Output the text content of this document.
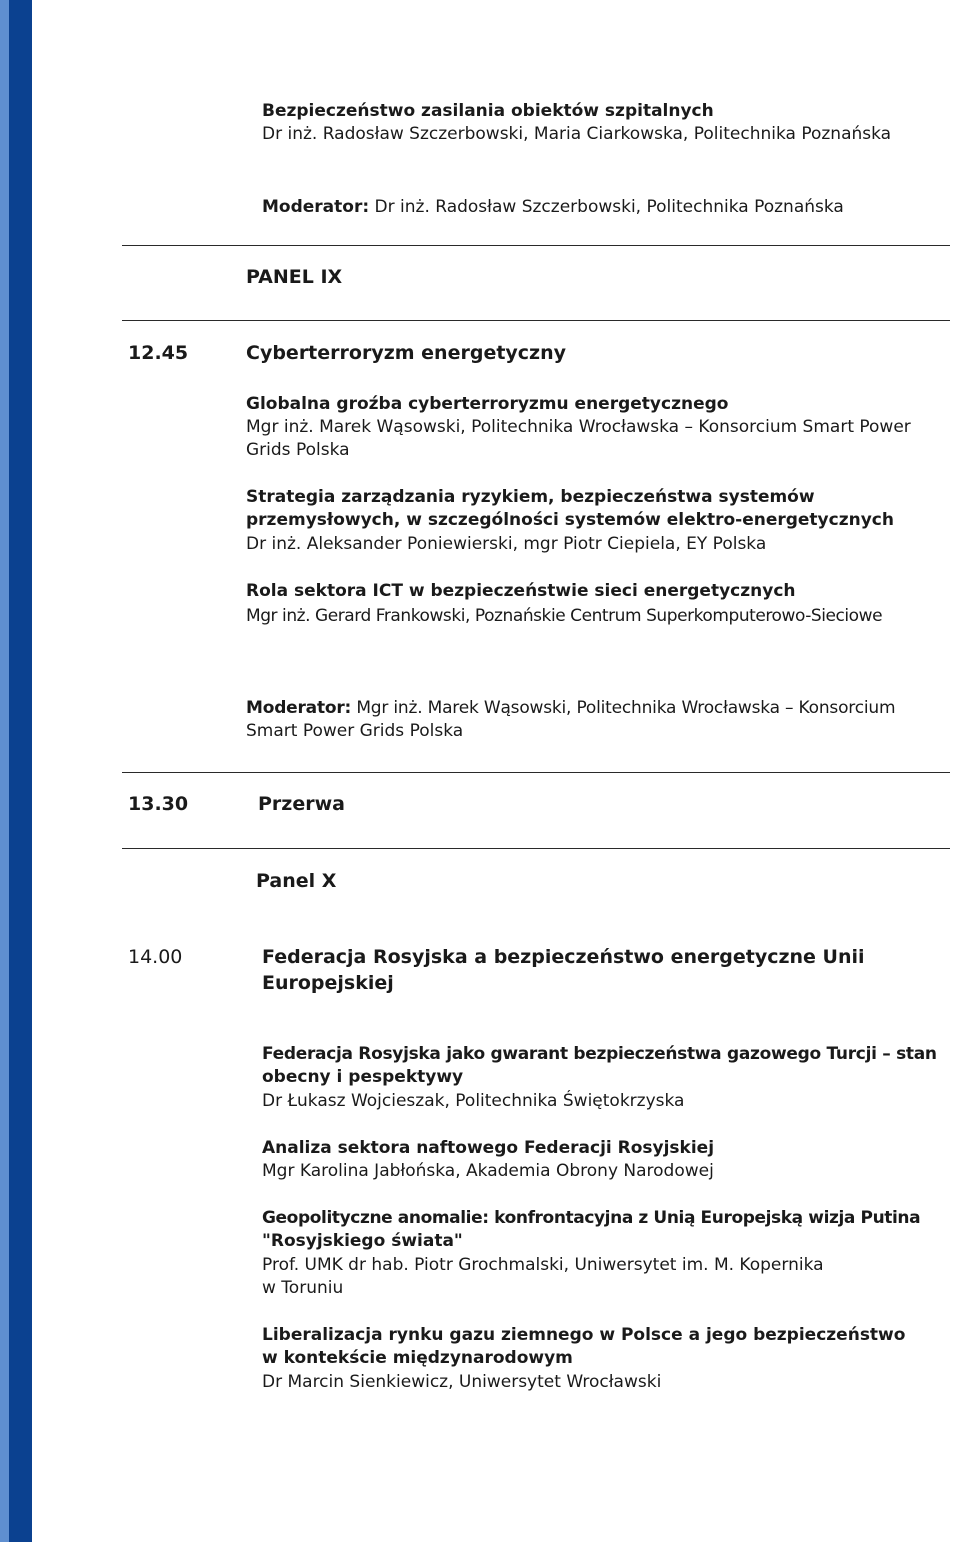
Bezpieczeństwo zasilania obiektów szpitalnych
Dr inż. Radosław Szczerbowski, Maria Ciarkowska, Politechnika Poznańska
Moderator: Dr inż. Radosław Szczerbowski, Politechnika Poznańska
PANEL IX
12.45	Cyberterroryzm energetyczny
Globalna groźba cyberterroryzmu energetycznego
Mgr inż. Marek Wąsowski, Politechnika Wrocławska – Konsorcium Smart Power
Grids Polska
Strategia zarządzania ryzykiem, bezpieczeństwa systemów
przemysłowych, w szczególności systemów elektro-energetycznych
Dr inż. Aleksander Poniewierski, mgr Piotr Ciepiela, EY Polska
Rola sektora ICT w bezpieczeństwie sieci energetycznych
Mgr inż. Gerard Frankowski, Poznańskie Centrum Superkomputerowo-Sieciowe
Moderator: Mgr inż. Marek Wąsowski, Politechnika Wrocławska – Konsorcium
Smart Power Grids Polska
13.30	Przerwa
Panel X
14.00	Federacja Rosyjska a bezpieczeństwo energetyczne Unii
Europejskiej
Federacja Rosyjska jako gwarant bezpieczeństwa gazowego Turcji – stan
obecny i pespektywy
Dr Łukasz Wojcieszak, Politechnika Świętokrzyska
Analiza sektora naftowego Federacji Rosyjskiej
Mgr Karolina Jabłońska, Akademia Obrony Narodowej
Geopolityczne anomalie: konfrontacyjna z Unią Europejską wizja Putina
"Rosyjskiego świata"
Prof. UMK dr hab. Piotr Grochmalski, Uniwersytet im. M. Kopernika
w Toruniu
Liberalizacja rynku gazu ziemnego w Polsce a jego bezpieczeństwo
w kontekście międzynarodowym
Dr Marcin Sienkiewicz, Uniwersytet Wrocławski
